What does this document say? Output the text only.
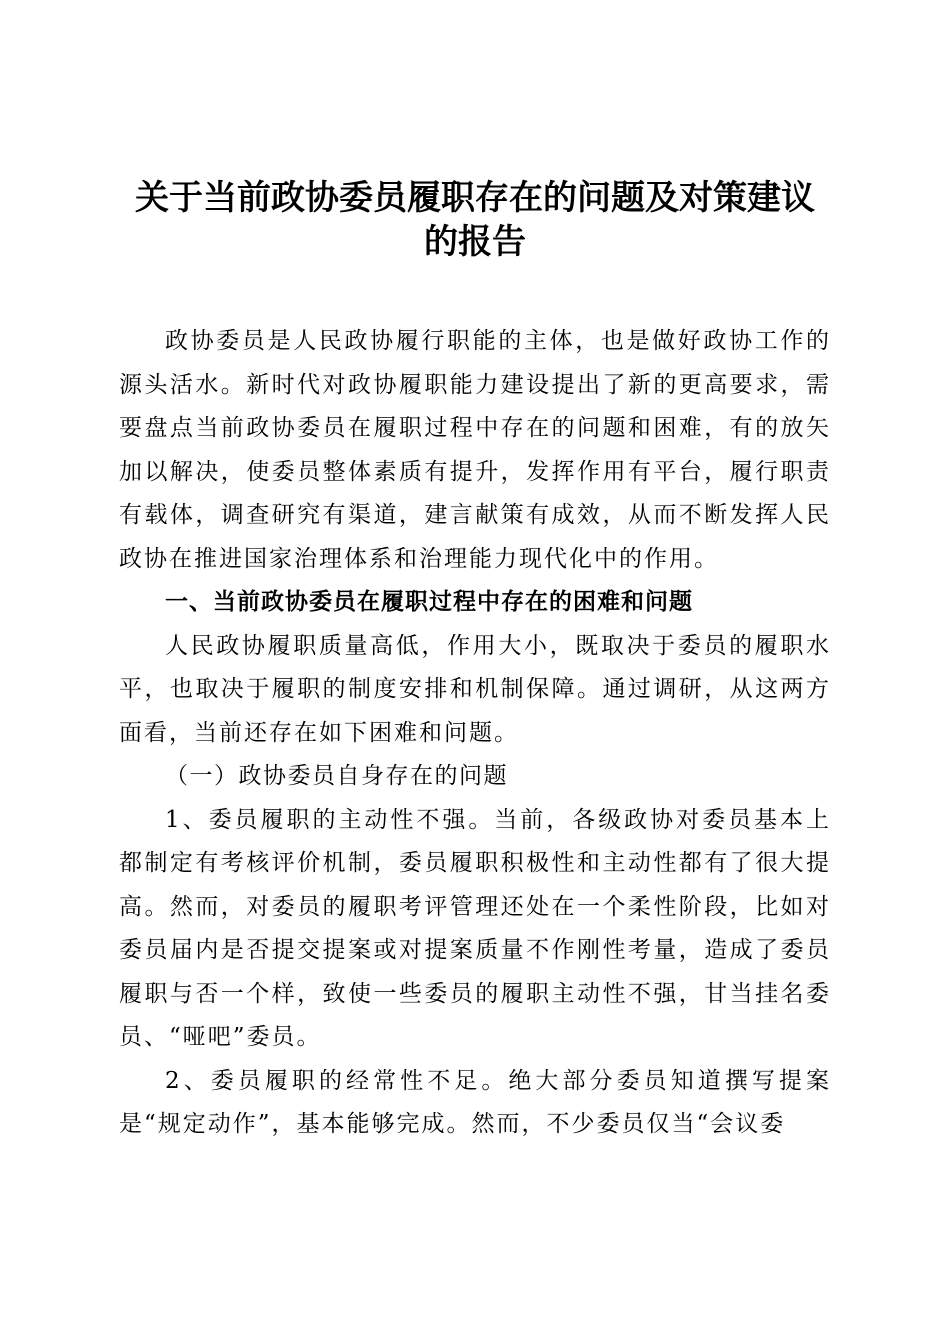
关于当前政协委员履职存在的问题及对策建议
的报告

政协委员是人民政协履行职能的主体，也是做好政协工作的源头活水。新时代对政协履职能力建设提出了新的更高要求，需要盘点当前政协委员在履职过程中存在的问题和困难，有的放矢加以解决，使委员整体素质有提升，发挥作用有平台，履行职责有载体，调查研究有渠道，建言献策有成效，从而不断发挥人民政协在推进国家治理体系和治理能力现代化中的作用。

一、当前政协委员在履职过程中存在的困难和问题

人民政协履职质量高低，作用大小，既取决于委员的履职水平，也取决于履职的制度安排和机制保障。通过调研，从这两方面看，当前还存在如下困难和问题。

（一）政协委员自身存在的问题

1、委员履职的主动性不强。当前，各级政协对委员基本上都制定有考核评价机制，委员履职积极性和主动性都有了很大提高。然而，对委员的履职考评管理还处在一个柔性阶段，比如对委员届内是否提交提案或对提案质量不作刚性考量，造成了委员履职与否一个样，致使一些委员的履职主动性不强，甘当挂名委员、“哑吧”委员。

2、委员履职的经常性不足。绝大部分委员知道撰写提案是“规定动作”，基本能够完成。然而，不少委员仅当“会议委
